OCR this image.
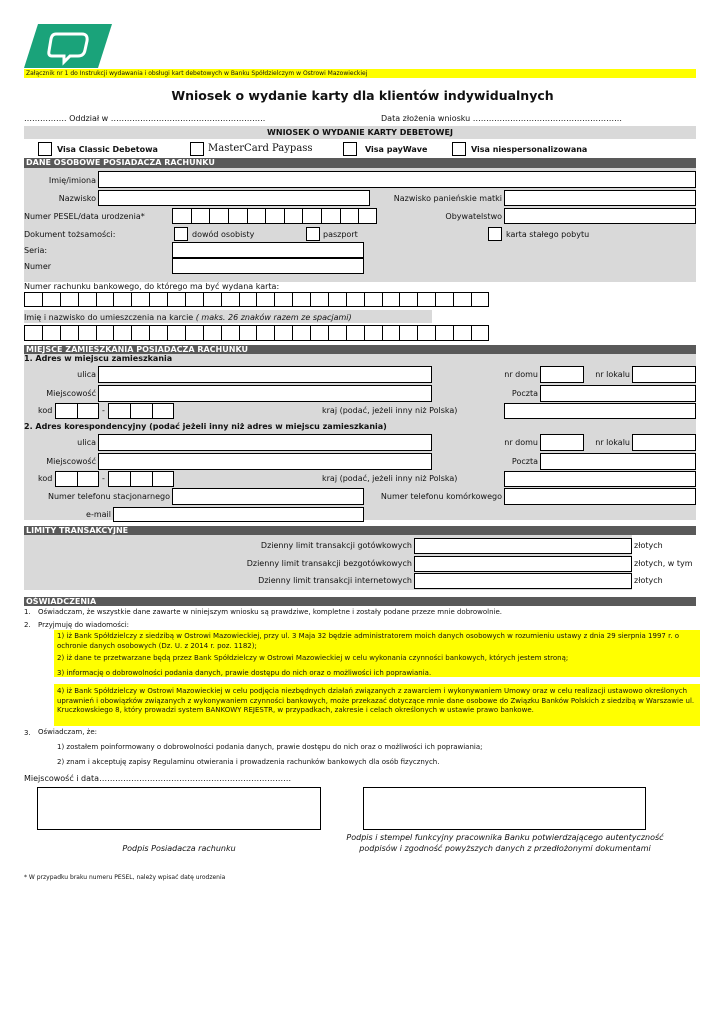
Załącznik nr 1 do Instrukcji wydawania i obsługi kart debetowych w Banku Spółdzielczym w Ostrowi Mazowieckiej
Wniosek o wydanie karty dla klientów indywidualnych
……………. Oddział w ………………………………………………….	Data złożenia wniosku ………………………………………………..
WNIOSEK O WYDANIE KARTY DEBETOWEJ
Visa Classic Debetowa	MasterCard Paypass	Visa payWave	Visa niespersonalizowana
DANE OSOBOWE POSIADACZA RACHUNKU
Imię/imiona
Nazwisko	Nazwisko panieńskie matki
Numer PESEL/data urodzenia*	Obywatelstwo
Dokument tożsamości:	dowód osobisty	paszport	karta stałego pobytu
Seria:
Numer
Numer rachunku bankowego, do którego ma być wydana karta:
Imię i nazwisko do umieszczenia na karcie ( maks. 26 znaków razem ze spacjami)
MIEJSCE ZAMIESZKANIA POSIADACZA RACHUNKU
1. Adres w miejscu zamieszkania
ulica	nr domu	nr lokalu
Miejscowość	Poczta
kod	-	kraj (podać, jeżeli inny niż Polska)
2. Adres korespondencyjny (podać jeżeli inny niż adres w miejscu zamieszkania)
ulica	nr domu	nr lokalu
Miejscowość	Poczta
kod	-	kraj (podać, jeżeli inny niż Polska)
Numer telefonu stacjonarnego	Numer telefonu komórkowego
e-mail
LIMITY TRANSAKCYJNE
Dzienny limit transakcji gotówkowych	złotych
Dzienny limit transakcji bezgotówkowych	złotych, w tym
Dzienny limit transakcji internetowych	złotych
OŚWIADCZENIA
1. Oświadczam, że wszystkie dane zawarte w niniejszym wniosku są prawdziwe, kompletne i zostały podane przeze mnie dobrowolnie.
2. Przyjmuję do wiadomości:
1) iż Bank Spółdzielczy z siedzibą w Ostrowi Mazowieckiej, przy ul. 3 Maja 32 będzie administratorem moich danych osobowych w rozumieniu ustawy z dnia 29 sierpnia 1997 r. o ochronie danych osobowych (Dz. U. z 2014 r. poz. 1182);
2) iż dane te przetwarzane będą przez Bank Spółdzielczy w Ostrowi Mazowieckiej w celu wykonania czynności bankowych, których jestem stroną;
3) informację o dobrowolności podania danych, prawie dostępu do nich oraz o możliwości ich poprawiania.
4) iż Bank Spółdzielczy w Ostrowi Mazowieckiej w celu podjęcia niezbędnych działań związanych z zawarciem i wykonywaniem Umowy oraz w celu realizacji ustawowo określonych uprawnień i obowiązków związanych z wykonywaniem czynności bankowych, może przekazać dotyczące mnie dane osobowe do Związku Banków Polskich z siedzibą w Warszawie ul. Kruczkowskiego 8, który prowadzi system BANKOWY REJESTR, w przypadkach, zakresie i celach określonych w ustawie prawo bankowe.
3. Oświadczam, że:
1) zostałem poinformowany o dobrowolności podania danych, prawie dostępu do nich oraz o możliwości ich poprawiania;
2) znam i akceptuję zapisy Regulaminu otwierania i prowadzenia rachunków bankowych dla osób fizycznych.
Miejscowość i data………………………………………………………………
Podpis Posiadacza rachunku
Podpis i stempel funkcyjny pracownika Banku potwierdzającego autentyczność podpisów i zgodność powyższych danych z przedłożonymi dokumentami
* W przypadku braku numeru PESEL, należy wpisać datę urodzenia
